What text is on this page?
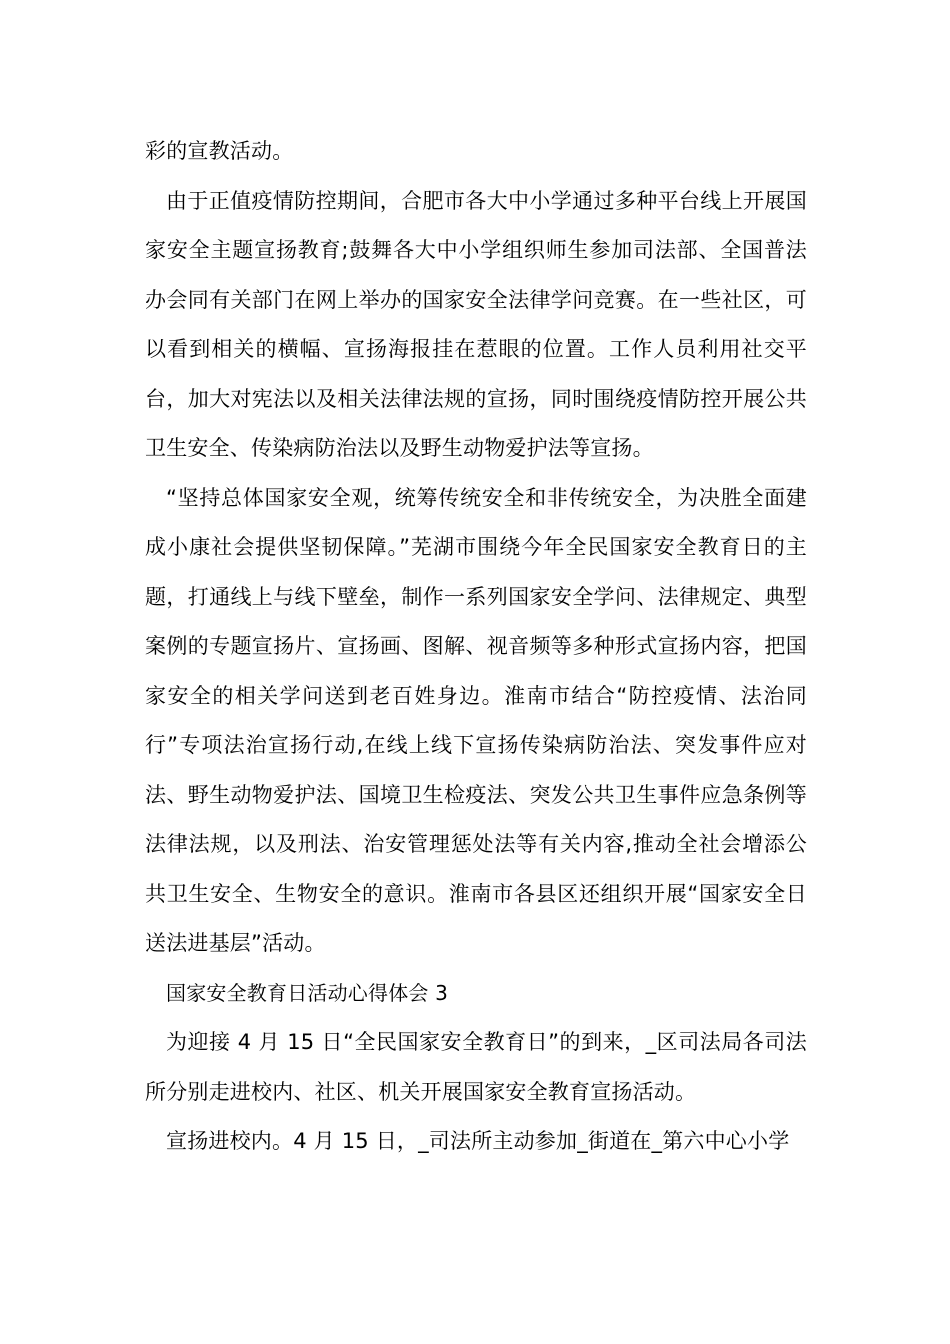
彩的宣教活动。

由于正值疫情防控期间，合肥市各大中小学通过多种平台线上开展国家安全主题宣扬教育;鼓舞各大中小学组织师生参加司法部、全国普法办会同有关部门在网上举办的国家安全法律学问竞赛。在一些社区，可以看到相关的横幅、宣扬海报挂在惹眼的位置。工作人员利用社交平台，加大对宪法以及相关法律法规的宣扬，同时围绕疫情防控开展公共卫生安全、传染病防治法以及野生动物爱护法等宣扬。

“坚持总体国家安全观，统筹传统安全和非传统安全，为决胜全面建成小康社会提供坚韧保障。”芜湖市围绕今年全民国家安全教育日的主题，打通线上与线下壁垒，制作一系列国家安全学问、法律规定、典型案例的专题宣扬片、宣扬画、图解、视音频等多种形式宣扬内容，把国家安全的相关学问送到老百姓身边。淮南市结合“防控疫情、法治同行”专项法治宣扬行动,在线上线下宣扬传染病防治法、突发事件应对法、野生动物爱护法、国境卫生检疫法、突发公共卫生事件应急条例等法律法规，以及刑法、治安管理惩处法等有关内容,推动全社会增添公共卫生安全、生物安全的意识。淮南市各县区还组织开展“国家安全日送法进基层”活动。

国家安全教育日活动心得体会 3

为迎接 4 月 15 日“全民国家安全教育日”的到来，_区司法局各司法所分别走进校内、社区、机关开展国家安全教育宣扬活动。

宣扬进校内。4 月 15 日，_司法所主动参加_街道在_第六中心小学
